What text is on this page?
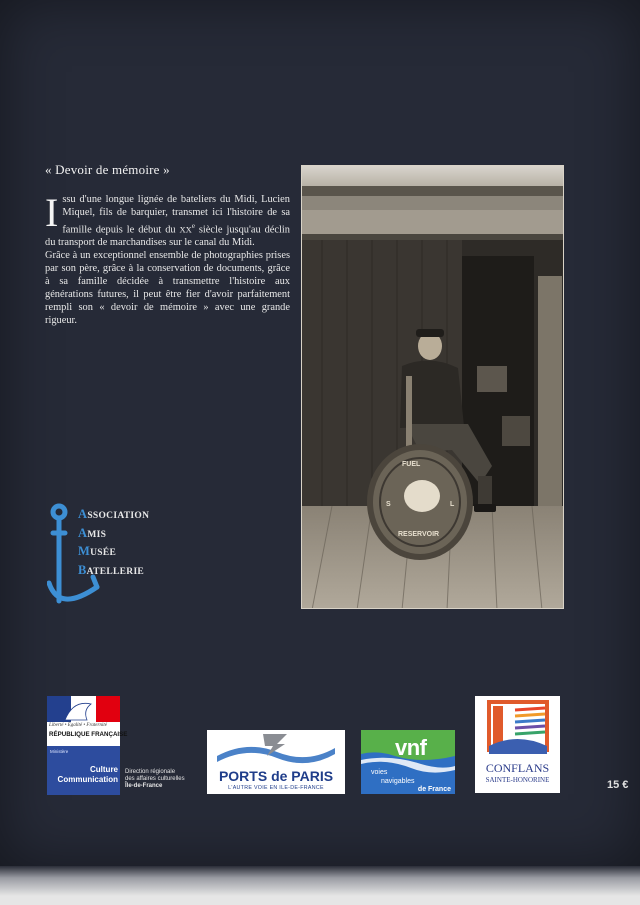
« Devoir de mémoire »

Issu d'une longue lignée de bateliers du Midi, Lucien Miquel, fils de barquier, transmet ici l'histoire de sa famille depuis le début du XXe siècle jusqu'au déclin du transport de marchandises sur le canal du Midi.

Grâce à un exceptionnel ensemble de photographies prises par son père, grâce à la conservation de documents, grâce à sa famille décidée à transmettre l'histoire aux générations futures, il peut être fier d'avoir parfaitement rempli son « devoir de mémoire » avec une grande rigueur.

FUEL
S	L
RESERVOIR
ASSOCIATION
AMIS
MUSÉE
BATELLERIE
Liberté • Égalité • Fraternité
RÉPUBLIQUE FRANÇAISE
Ministère
Culture
Communication
Direction régionale
des affaires culturelles
Île-de-France
PORTS de PARIS
L'AUTRE VOIE EN ILE-DE-FRANCE
vnf
voies
navigables
de France
CONFLANS
SAINTE-HONORINE	15 €
